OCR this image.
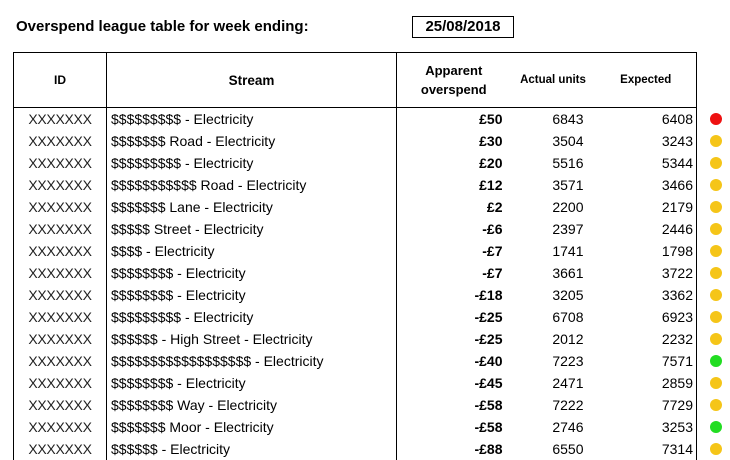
Overspend league table for week ending:	25/08/2018
ID	Stream	Apparent overspend	Actual units	Expected
XXXXXXX	$$$$$$$$$ - Electricity	£50	6843	6408
XXXXXXX	$$$$$$$ Road - Electricity	£30	3504	3243
XXXXXXX	$$$$$$$$$ - Electricity	£20	5516	5344
XXXXXXX	$$$$$$$$$$$ Road - Electricity	£12	3571	3466
XXXXXXX	$$$$$$$ Lane - Electricity	£2	2200	2179
XXXXXXX	$$$$$ Street - Electricity	-£6	2397	2446
XXXXXXX	$$$$ - Electricity	-£7	1741	1798
XXXXXXX	$$$$$$$$ - Electricity	-£7	3661	3722
XXXXXXX	$$$$$$$$ - Electricity	-£18	3205	3362
XXXXXXX	$$$$$$$$$ - Electricity	-£25	6708	6923
XXXXXXX	$$$$$$ - High Street - Electricity	-£25	2012	2232
XXXXXXX	$$$$$$$$$$$$$$$$$$ - Electricity	-£40	7223	7571
XXXXXXX	$$$$$$$$ - Electricity	-£45	2471	2859
XXXXXXX	$$$$$$$$ Way - Electricity	-£58	7222	7729
XXXXXXX	$$$$$$$ Moor - Electricity	-£58	2746	3253
XXXXXXX	$$$$$$ - Electricity	-£88	6550	7314
